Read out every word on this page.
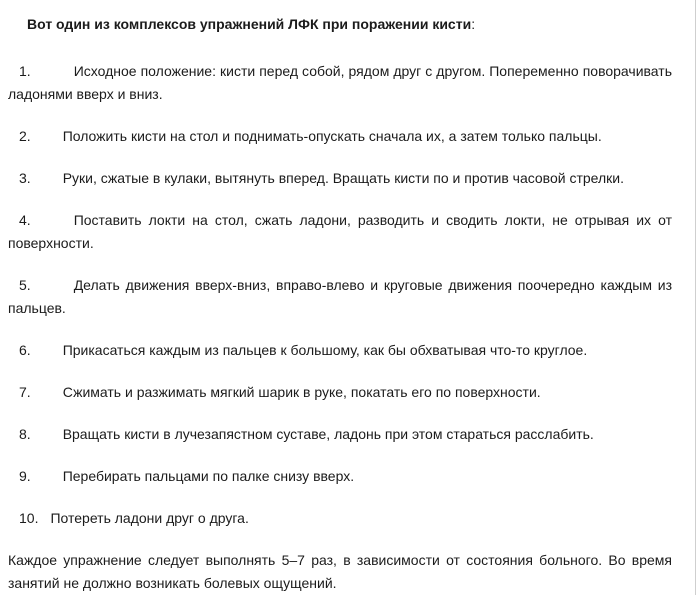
Вот один из комплексов упражнений ЛФК при поражении кисти:

1.	Исходное положение: кисти перед собой, рядом друг с другом. Попеременно поворачивать ладонями вверх и вниз.

2. Положить кисти на стол и поднимать-опускать сначала их, а затем только пальцы.

3. Руки, сжатые в кулаки, вытянуть вперед. Вращать кисти по и против часовой стрелки.

4.	Поставить локти на стол, сжать ладони, разводить и сводить локти, не отрывая их от поверхности.

5.	Делать движения вверх-вниз, вправо-влево и круговые движения поочередно каждым из пальцев.

6. Прикасаться каждым из пальцев к большому, как бы обхватывая что-то круглое.

7. Сжимать и разжимать мягкий шарик в руке, покатать его по поверхности.

8. Вращать кисти в лучезапястном суставе, ладонь при этом стараться расслабить.

9. Перебирать пальцами по палке снизу вверх.

10. Потереть ладони друг о друга.

Каждое упражнение следует выполнять 5–7 раз, в зависимости от состояния больного. Во время занятий не должно возникать болевых ощущений.
